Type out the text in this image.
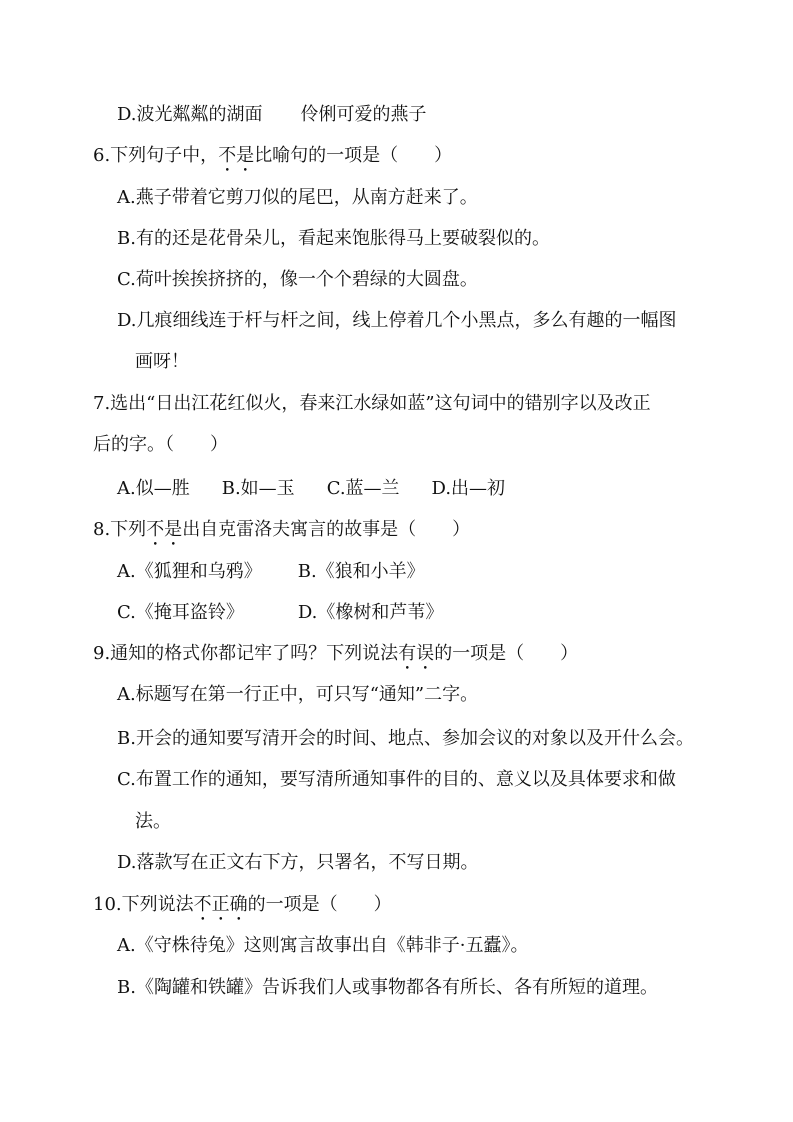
D.波光粼粼的湖面 伶俐可爱的燕子
6.下列句子中，不是比喻句的一项是（　　）
A.燕子带着它剪刀似的尾巴，从南方赶来了。
B.有的还是花骨朵儿，看起来饱胀得马上要破裂似的。
C.荷叶挨挨挤挤的，像一个个碧绿的大圆盘。
D.几痕细线连于杆与杆之间，线上停着几个小黑点，多么有趣的一幅图
画呀！
7.选出“日出江花红似火，春来江水绿如蓝”这句词中的错别字以及改正
后的字。（　　）
A.似—胜 B.如—玉 C.蓝—兰 D.出—初
8.下列不是出自克雷洛夫寓言的故事是（　　）
A.《狐狸和乌鸦》 B.《狼和小羊》
C.《掩耳盗铃》	D.《橡树和芦苇》
9.通知的格式你都记牢了吗？下列说法有误的一项是（　　）
A.标题写在第一行正中，可只写“通知”二字。
B.开会的通知要写清开会的时间、地点、参加会议的对象以及开什么会。
C.布置工作的通知，要写清所通知事件的目的、意义以及具体要求和做
法。
D.落款写在正文右下方，只署名，不写日期。
10.下列说法不正确的一项是（　　）
A.《守株待兔》这则寓言故事出自《韩非子·五蠹》。
B.《陶罐和铁罐》告诉我们人或事物都各有所长、各有所短的道理。
